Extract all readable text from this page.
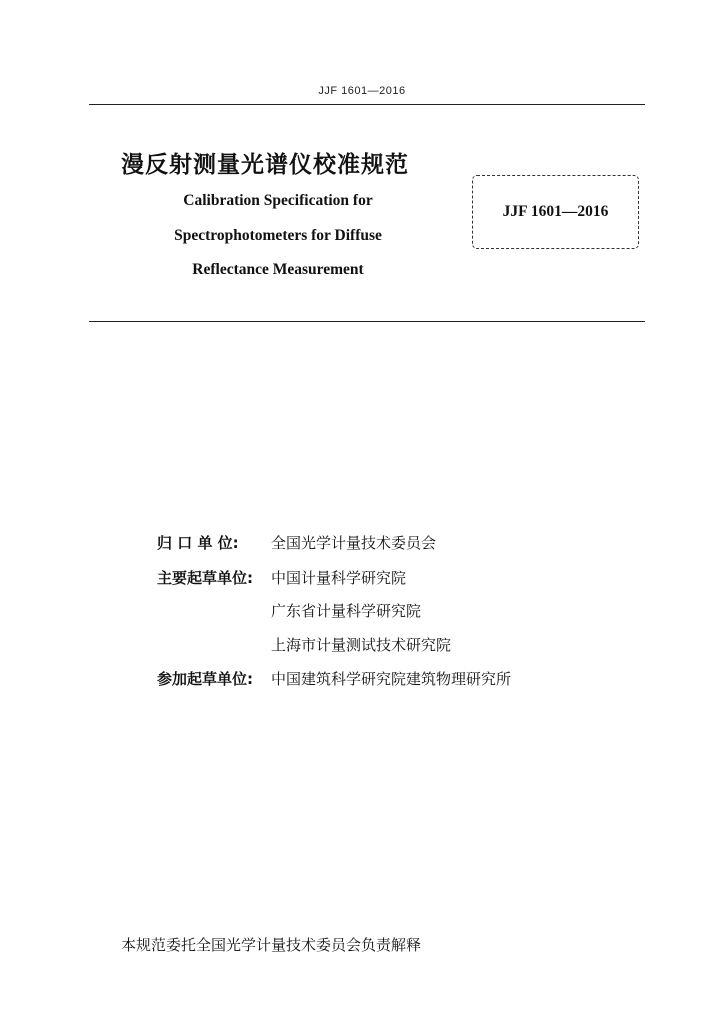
JJF 1601—2016
漫反射测量光谱仪校准规范
Calibration Specification for
Spectrophotometers for Diffuse
Reflectance Measurement
JJF 1601—2016
归 口 单 位: 全国光学计量技术委员会
主要起草单位: 中国计量科学研究院
广东省计量科学研究院
上海市计量测试技术研究院
参加起草单位: 中国建筑科学研究院建筑物理研究所
本规范委托全国光学计量技术委员会负责解释
